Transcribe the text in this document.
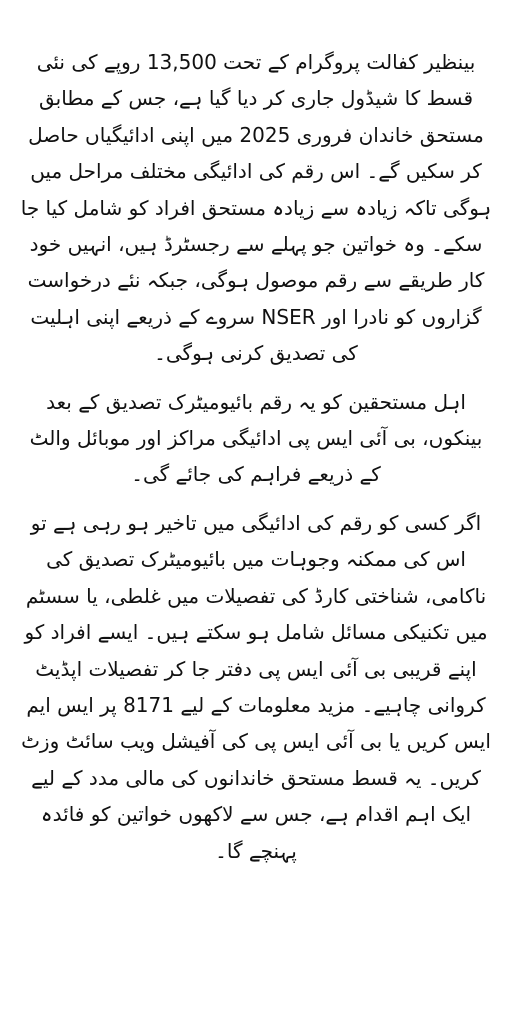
بینظیر کفالت پروگرام کے تحت 13,500 روپے کی نئی قسط کا شیڈول جاری کر دیا گیا ہے، جس کے مطابق مستحق خاندان فروری 2025 میں اپنی ادائیگیاں حاصل کر سکیں گے۔ اس رقم کی ادائیگی مختلف مراحل میں ہوگی تاکہ زیادہ سے زیادہ مستحق افراد کو شامل کیا جا سکے۔ وہ خواتین جو پہلے سے رجسٹرڈ ہیں، انہیں خود کار طریقے سے رقم موصول ہوگی، جبکہ نئے درخواست گزاروں کو نادرا اور NSER سروے کے ذریعے اپنی اہلیت کی تصدیق کرنی ہوگی۔

اہل مستحقین کو یہ رقم بائیومیٹرک تصدیق کے بعد بینکوں، بی آئی ایس پی ادائیگی مراکز اور موبائل والٹ کے ذریعے فراہم کی جائے گی۔

اگر کسی کو رقم کی ادائیگی میں تاخیر ہو رہی ہے تو اس کی ممکنہ وجوہات میں بائیومیٹرک تصدیق کی ناکامی، شناختی کارڈ کی تفصیلات میں غلطی، یا سسٹم میں تکنیکی مسائل شامل ہو سکتے ہیں۔ ایسے افراد کو اپنے قریبی بی آئی ایس پی دفتر جا کر تفصیلات اپڈیٹ کروانی چاہیے۔ مزید معلومات کے لیے 8171 پر ایس ایم ایس کریں یا بی آئی ایس پی کی آفیشل ویب سائٹ وزٹ کریں۔ یہ قسط مستحق خاندانوں کی مالی مدد کے لیے ایک اہم اقدام ہے، جس سے لاکھوں خواتین کو فائدہ پہنچے گا۔
